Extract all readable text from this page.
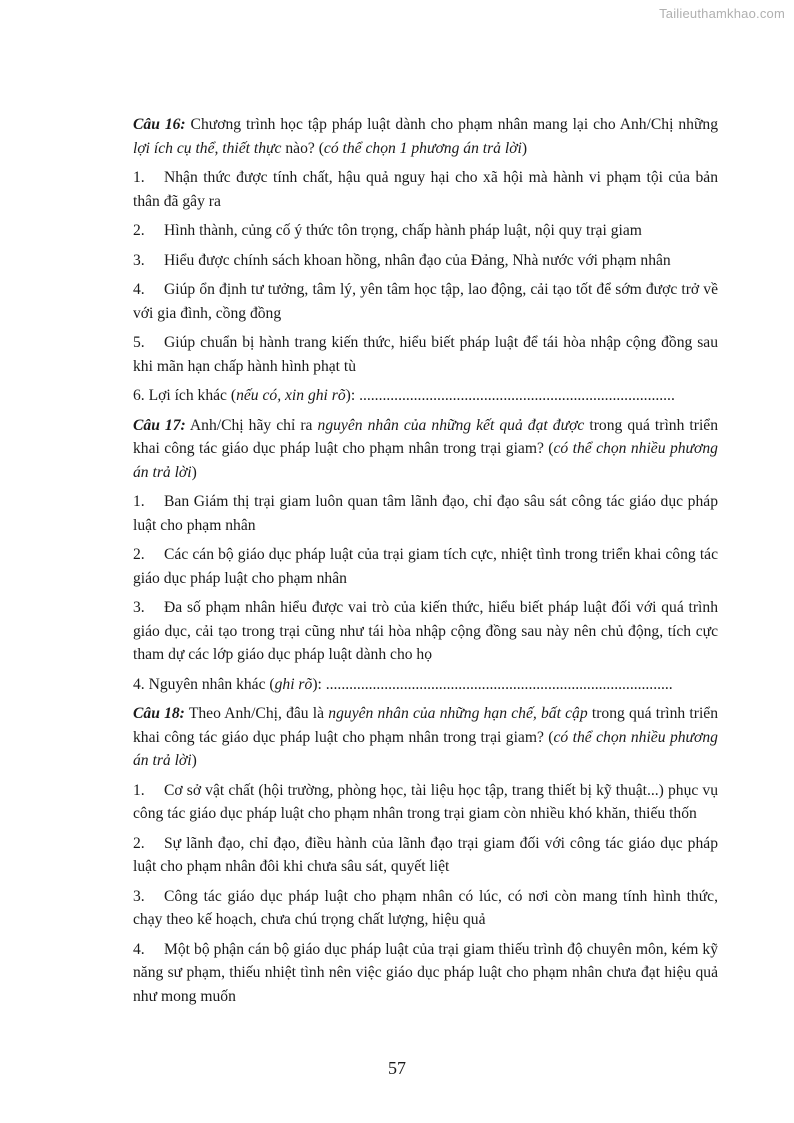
Tailieuthamkhao.com

Câu 16: Chương trình học tập pháp luật dành cho phạm nhân mang lại cho Anh/Chị những lợi ích cụ thể, thiết thực nào? (có thể chọn 1 phương án trả lời)

1. Nhận thức được tính chất, hậu quả nguy hại cho xã hội mà hành vi phạm tội của bản thân đã gây ra

2. Hình thành, củng cố ý thức tôn trọng, chấp hành pháp luật, nội quy trại giam

3. Hiểu được chính sách khoan hồng, nhân đạo của Đảng, Nhà nước với phạm nhân

4. Giúp ổn định tư tưởng, tâm lý, yên tâm học tập, lao động, cải tạo tốt để sớm được trở về với gia đình, cồng đồng

5. Giúp chuẩn bị hành trang kiến thức, hiểu biết pháp luật để tái hòa nhập cộng đồng sau khi mãn hạn chấp hành hình phạt tù

6. Lợi ích khác (nếu có, xin ghi rõ): .................................................................................

Câu 17: Anh/Chị hãy chỉ ra nguyên nhân của những kết quả đạt được trong quá trình triển khai công tác giáo dục pháp luật cho phạm nhân trong trại giam? (có thể chọn nhiều phương án trả lời)

1. Ban Giám thị trại giam luôn quan tâm lãnh đạo, chỉ đạo sâu sát công tác giáo dục pháp luật cho phạm nhân

2. Các cán bộ giáo dục pháp luật của trại giam tích cực, nhiệt tình trong triển khai công tác giáo dục pháp luật cho phạm nhân

3. Đa số phạm nhân hiểu được vai trò của kiến thức, hiểu biết pháp luật đối với quá trình giáo dục, cải tạo trong trại cũng như tái hòa nhập cộng đồng sau này nên chủ động, tích cực tham dự các lớp giáo dục pháp luật dành cho họ

4. Nguyên nhân khác (ghi rõ): .........................................................................................

Câu 18: Theo Anh/Chị, đâu là nguyên nhân của những hạn chế, bất cập trong quá trình triển khai công tác giáo dục pháp luật cho phạm nhân trong trại giam? (có thể chọn nhiều phương án trả lời)

1. Cơ sở vật chất (hội trường, phòng học, tài liệu học tập, trang thiết bị kỹ thuật...) phục vụ công tác giáo dục pháp luật cho phạm nhân trong trại giam còn nhiều khó khăn, thiếu thốn

2. Sự lãnh đạo, chỉ đạo, điều hành của lãnh đạo trại giam đối với công tác giáo dục pháp luật cho phạm nhân đôi khi chưa sâu sát, quyết liệt

3. Công tác giáo dục pháp luật cho phạm nhân có lúc, có nơi còn mang tính hình thức, chạy theo kế hoạch, chưa chú trọng chất lượng, hiệu quả

4. Một bộ phận cán bộ giáo dục pháp luật của trại giam thiếu trình độ chuyên môn, kém kỹ năng sư phạm, thiếu nhiệt tình nên việc giáo dục pháp luật cho phạm nhân chưa đạt hiệu quả như mong muốn

57
